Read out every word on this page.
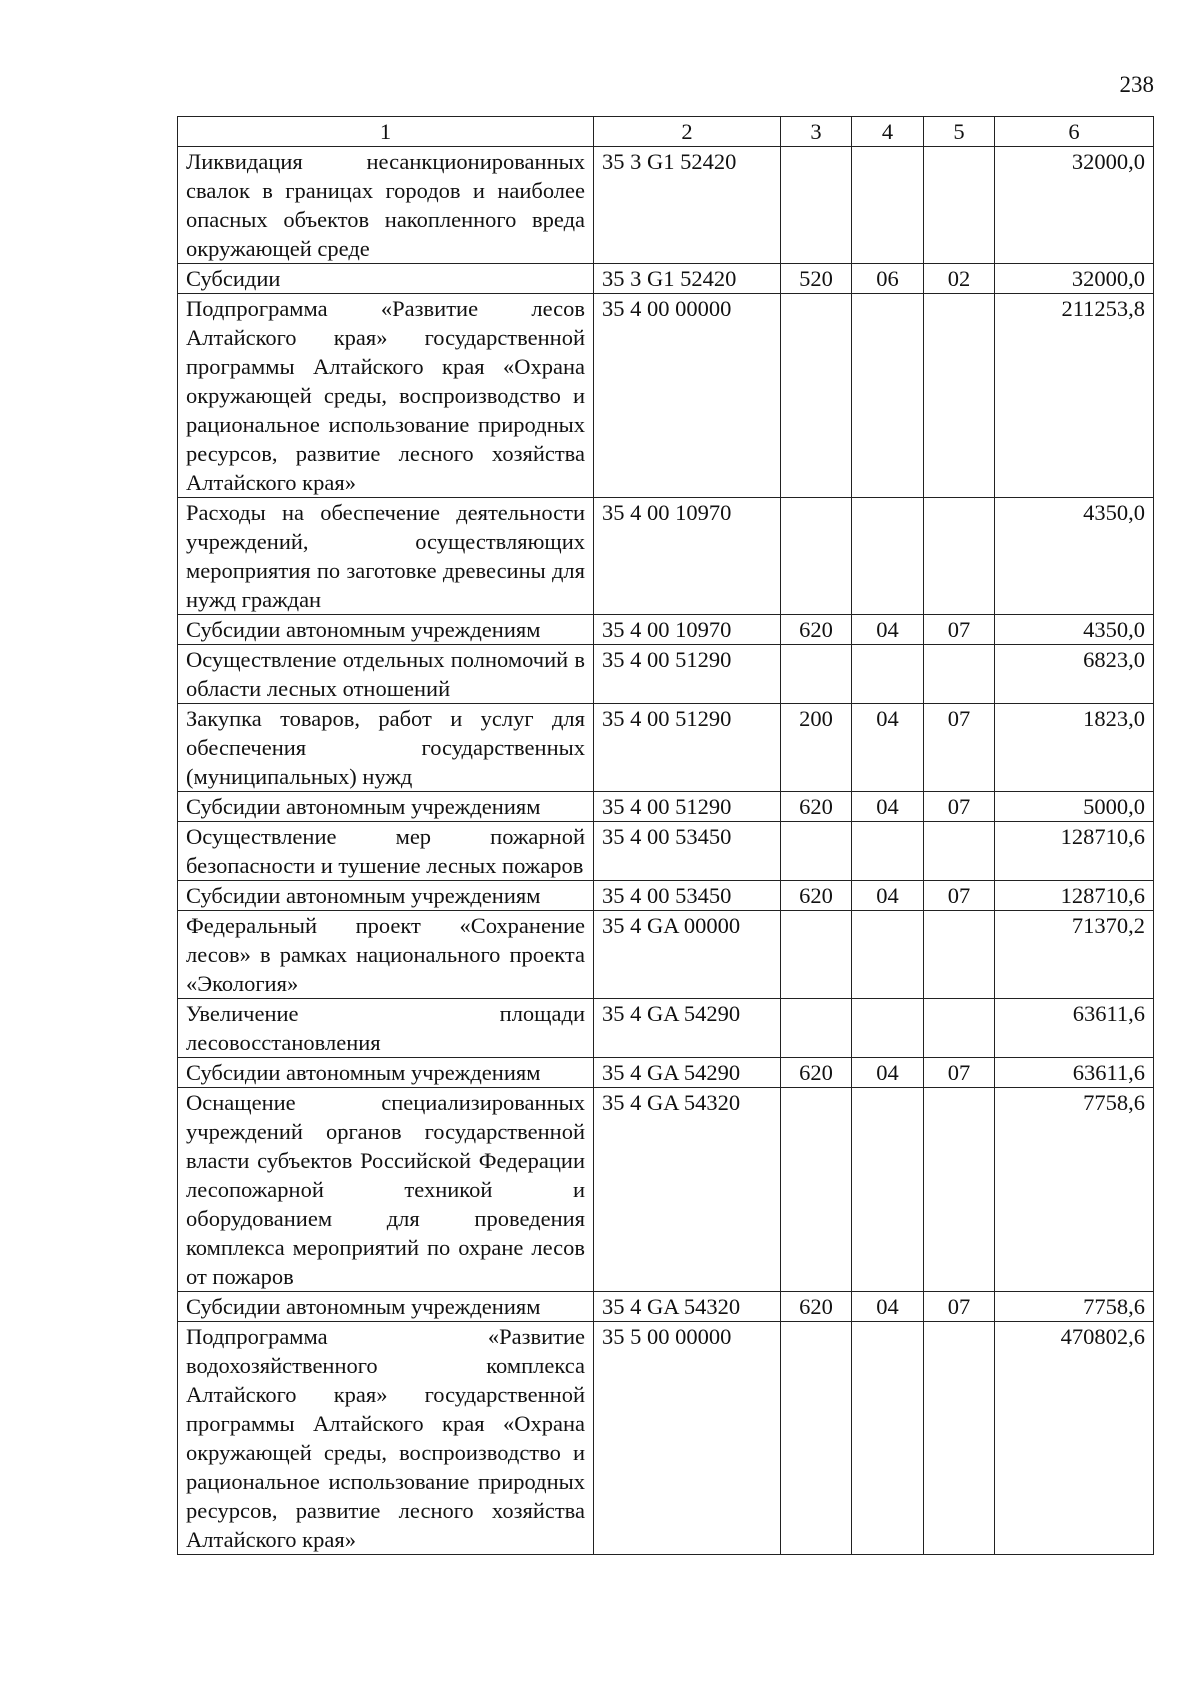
238
1	2	3	4	5	6
Ликвидация несанкционированных свалок в границах городов и наиболее опасных объектов накопленного вреда окружающей среде	35 3 G1 52420				32000,0
Субсидии	35 3 G1 52420	520	06	02	32000,0
Подпрограмма «Развитие лесов Алтайского края» государственной программы Алтайского края «Охрана окружающей среды, воспроизводство и рациональное использование природных ресурсов, развитие лесного хозяйства Алтайского края»	35 4 00 00000				211253,8
Расходы на обеспечение деятельности учреждений, осуществляющих мероприятия по заготовке древесины для нужд граждан	35 4 00 10970				4350,0
Субсидии автономным учреждениям	35 4 00 10970	620	04	07	4350,0
Осуществление отдельных полномочий в области лесных отношений	35 4 00 51290				6823,0
Закупка товаров, работ и услуг для обеспечения государственных (муниципальных) нужд	35 4 00 51290	200	04	07	1823,0
Субсидии автономным учреждениям	35 4 00 51290	620	04	07	5000,0
Осуществление мер пожарной безопасности и тушение лесных пожаров	35 4 00 53450				128710,6
Субсидии автономным учреждениям	35 4 00 53450	620	04	07	128710,6
Федеральный проект «Сохранение лесов» в рамках национального проекта «Экология»	35 4 GA 00000				71370,2
Увеличение площади лесовосстановления	35 4 GA 54290				63611,6
Субсидии автономным учреждениям	35 4 GA 54290	620	04	07	63611,6
Оснащение специализированных учреждений органов государственной власти субъектов Российской Федерации лесопожарной техникой и оборудованием для проведения комплекса мероприятий по охране лесов от пожаров	35 4 GA 54320				7758,6
Субсидии автономным учреждениям	35 4 GA 54320	620	04	07	7758,6
Подпрограмма «Развитие водохозяйственного комплекса Алтайского края» государственной программы Алтайского края «Охрана окружающей среды, воспроизводство и рациональное использование природных ресурсов, развитие лесного хозяйства Алтайского края»	35 5 00 00000				470802,6
